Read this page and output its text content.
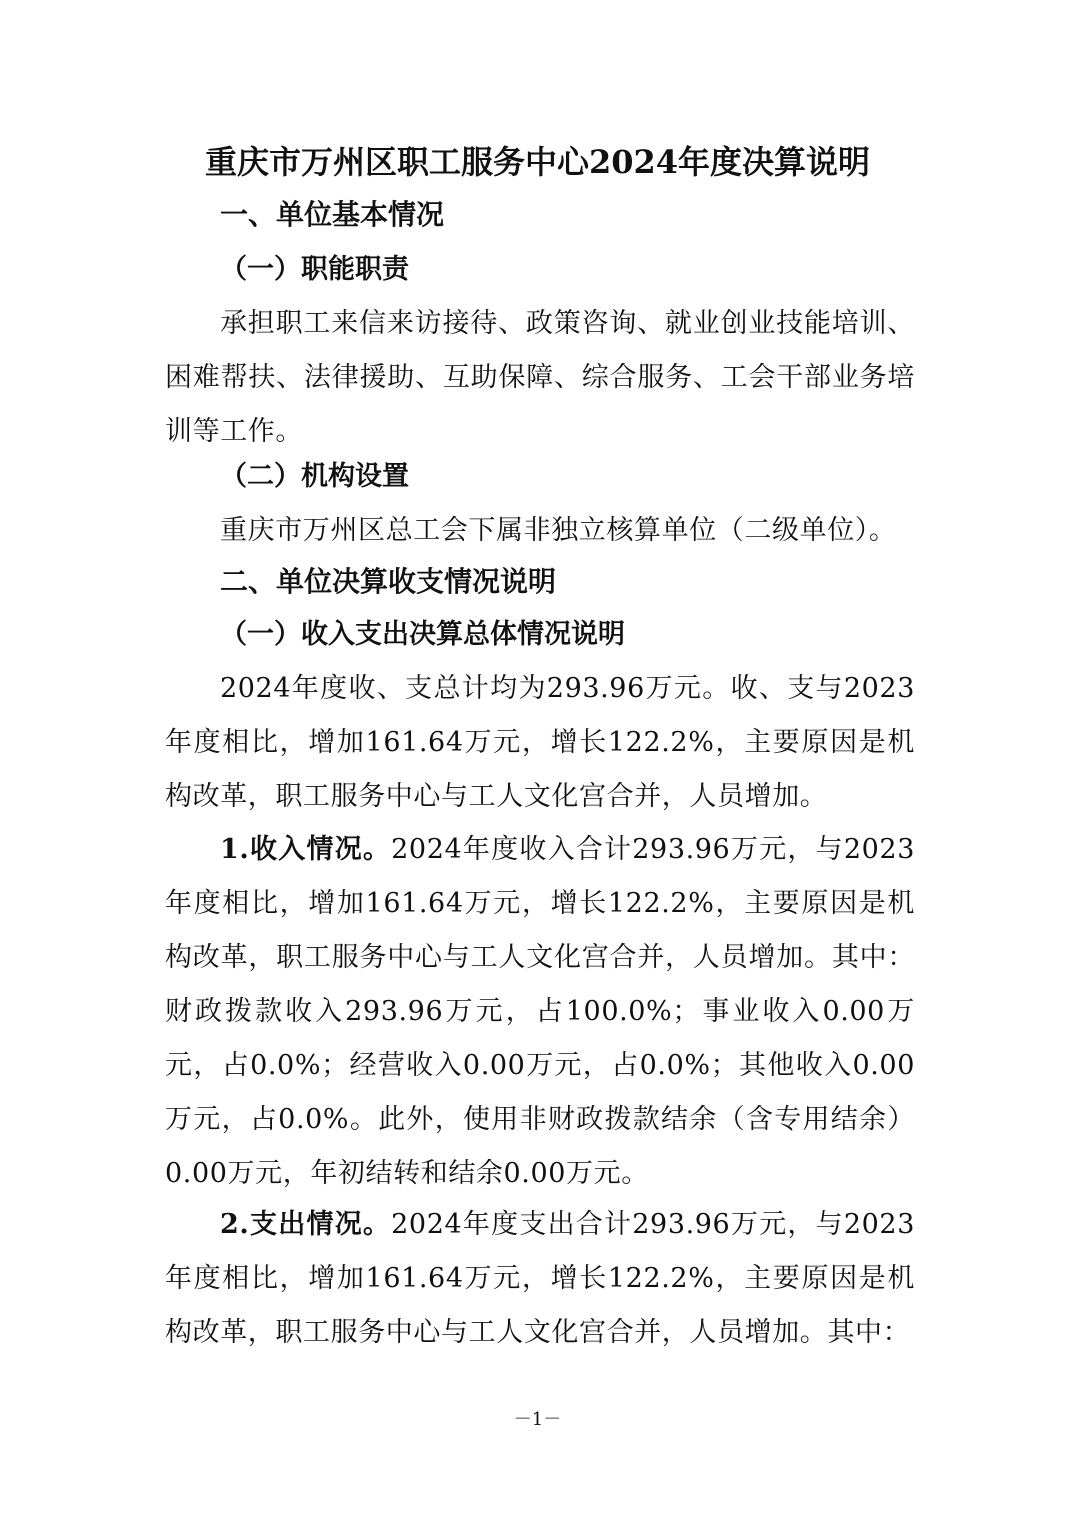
重庆市万州区职工服务中心2024年度决算说明
一、单位基本情况
（一）职能职责
承担职工来信来访接待、政策咨询、就业创业技能培训、困难帮扶、法律援助、互助保障、综合服务、工会干部业务培训等工作。
（二）机构设置
重庆市万州区总工会下属非独立核算单位（二级单位）。
二、单位决算收支情况说明
（一）收入支出决算总体情况说明
2024年度收、支总计均为293.96万元。收、支与2023年度相比，增加161.64万元，增长122.2%，主要原因是机构改革，职工服务中心与工人文化宫合并，人员增加。
1.收入情况。2024年度收入合计293.96万元，与2023年度相比，增加161.64万元，增长122.2%，主要原因是机构改革，职工服务中心与工人文化宫合并，人员增加。其中：财政拨款收入293.96万元，占100.0%；事业收入0.00万元，占0.0%；经营收入0.00万元，占0.0%；其他收入0.00万元，占0.0%。此外，使用非财政拨款结余（含专用结余）0.00万元，年初结转和结余0.00万元。
2.支出情况。2024年度支出合计293.96万元，与2023年度相比，增加161.64万元，增长122.2%，主要原因是机构改革，职工服务中心与工人文化宫合并，人员增加。其中：
－1－
